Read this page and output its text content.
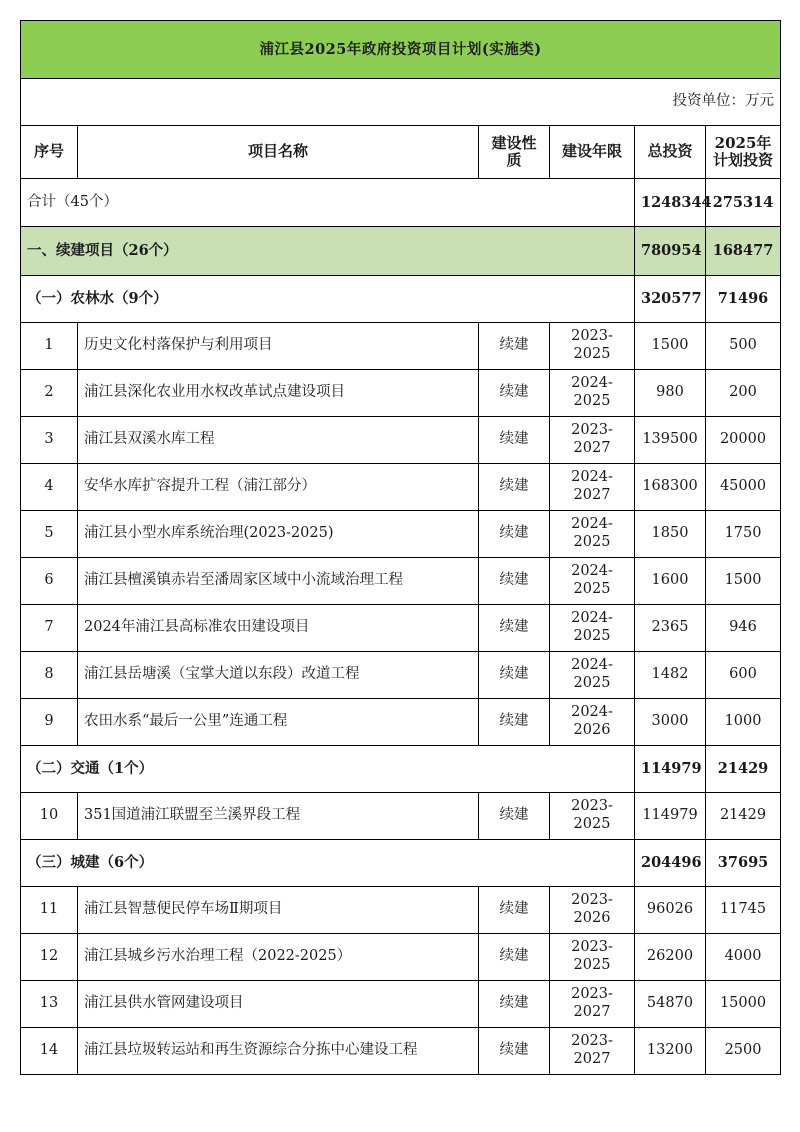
浦江县2025年政府投资项目计划(实施类)					
投资单位：万元					
序号	项目名称	建设性质	建设年限	总投资	2025年计划投资
合计（45个）				1248344	275314
一、续建项目（26个）				780954	168477
（一）农林水（9个）				320577	71496
1	历史文化村落保护与利用项目	续建	2023-2025	1500	500
2	浦江县深化农业用水权改革试点建设项目	续建	2024-2025	980	200
3	浦江县双溪水库工程	续建	2023-2027	139500	20000
4	安华水库扩容提升工程（浦江部分）	续建	2024-2027	168300	45000
5	浦江县小型水库系统治理(2023-2025)	续建	2024-2025	1850	1750
6	浦江县檀溪镇赤岩至潘周家区域中小流域治理工程	续建	2024-2025	1600	1500
7	2024年浦江县高标准农田建设项目	续建	2024-2025	2365	946
8	浦江县岳塘溪（宝掌大道以东段）改道工程	续建	2024-2025	1482	600
9	农田水系“最后一公里”连通工程	续建	2024-2026	3000	1000
（二）交通（1个）				114979	21429
10	351国道浦江联盟至兰溪界段工程	续建	2023-2025	114979	21429
（三）城建（6个）				204496	37695
11	浦江县智慧便民停车场Ⅱ期项目	续建	2023-2026	96026	11745
12	浦江县城乡污水治理工程（2022-2025）	续建	2023-2025	26200	4000
13	浦江县供水管网建设项目	续建	2023-2027	54870	15000
14	浦江县垃圾转运站和再生资源综合分拣中心建设工程	续建	2023-2027	13200	2500
